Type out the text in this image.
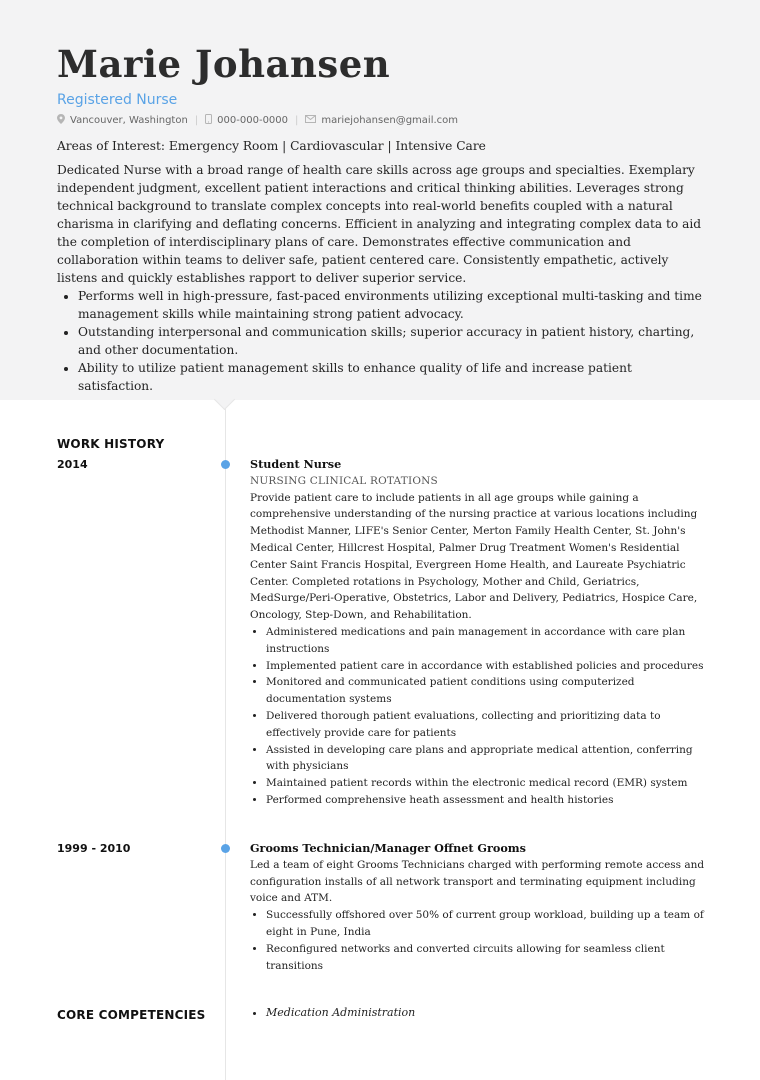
Marie Johansen
Registered Nurse
Vancouver, Washington | 000-000-0000 | mariejohansen@gmail.com
Areas of Interest: Emergency Room | Cardiovascular | Intensive Care
Dedicated Nurse with a broad range of health care skills across age groups and specialties. Exemplary independent judgment, excellent patient interactions and critical thinking abilities. Leverages strong technical background to translate complex concepts into real-world benefits coupled with a natural charisma in clarifying and deflating concerns. Efficient in analyzing and integrating complex data to aid the completion of interdisciplinary plans of care. Demonstrates effective communication and collaboration within teams to deliver safe, patient centered care. Consistently empathetic, actively listens and quickly establishes rapport to deliver superior service.
• Performs well in high-pressure, fast-paced environments utilizing exceptional multi-tasking and time management skills while maintaining strong patient advocacy.
• Outstanding interpersonal and communication skills; superior accuracy in patient history, charting, and other documentation.
• Ability to utilize patient management skills to enhance quality of life and increase patient satisfaction.
WORK HISTORY
2014	Student Nurse
NURSING CLINICAL ROTATIONS
Provide patient care to include patients in all age groups while gaining a comprehensive understanding of the nursing practice at various locations including Methodist Manner, LIFE's Senior Center, Merton Family Health Center, St. John's Medical Center, Hillcrest Hospital, Palmer Drug Treatment Women's Residential Center Saint Francis Hospital, Evergreen Home Health, and Laureate Psychiatric Center. Completed rotations in Psychology, Mother and Child, Geriatrics, MedSurge/Peri-Operative, Obstetrics, Labor and Delivery, Pediatrics, Hospice Care, Oncology, Step-Down, and Rehabilitation.
• Administered medications and pain management in accordance with care plan instructions
• Implemented patient care in accordance with established policies and procedures
• Monitored and communicated patient conditions using computerized documentation systems
• Delivered thorough patient evaluations, collecting and prioritizing data to effectively provide care for patients
• Assisted in developing care plans and appropriate medical attention, conferring with physicians
• Maintained patient records within the electronic medical record (EMR) system
• Performed comprehensive heath assessment and health histories
1999 - 2010	Grooms Technician/Manager Offnet Grooms
Led a team of eight Grooms Technicians charged with performing remote access and configuration installs of all network transport and terminating equipment including voice and ATM.
• Successfully offshored over 50% of current group workload, building up a team of eight in Pune, India
• Reconfigured networks and converted circuits allowing for seamless client transitions
CORE COMPETENCIES
•	Medication Administration
